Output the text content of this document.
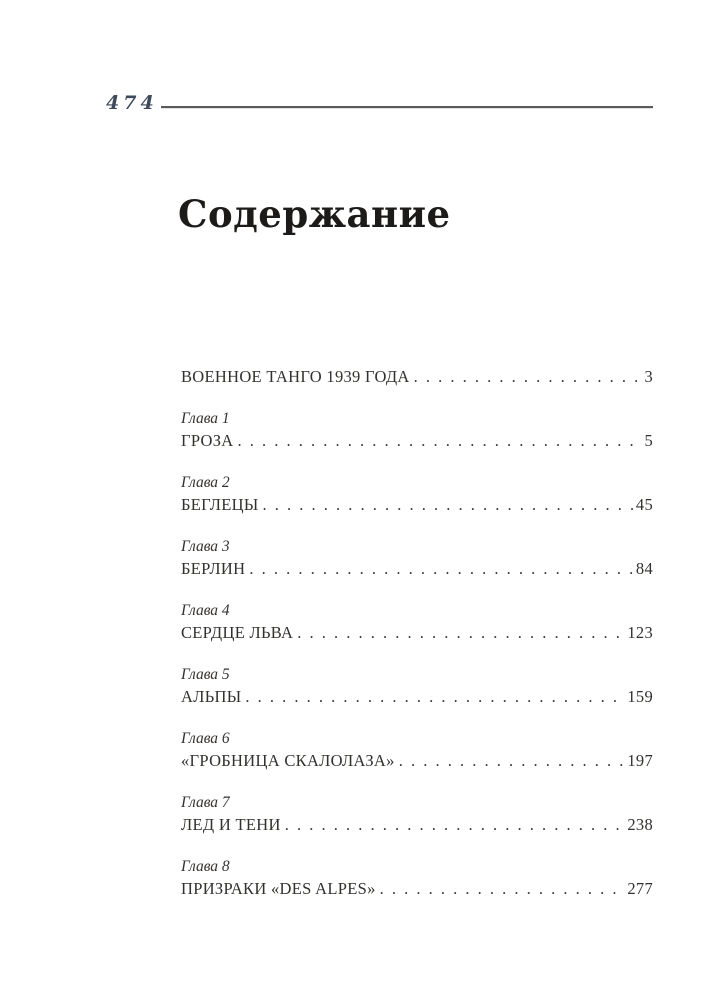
474
Содержание
ВОЕННОЕ ТАНГО 1939 ГОДА . . .	3
Глава 1
ГРОЗА . . .	5
Глава 2
БЕГЛЕЦЫ . . .	45
Глава 3
БЕРЛИН . . .	84
Глава 4
СЕРДЦЕ ЛЬВА . . .	123
Глава 5
АЛЬПЫ . . .	159
Глава 6
«ГРОБНИЦА СКАЛОЛАЗА» . . .	197
Глава 7
ЛЕД И ТЕНИ . . .	238
Глава 8
ПРИЗРАКИ «DES ALPES» . . .	277
